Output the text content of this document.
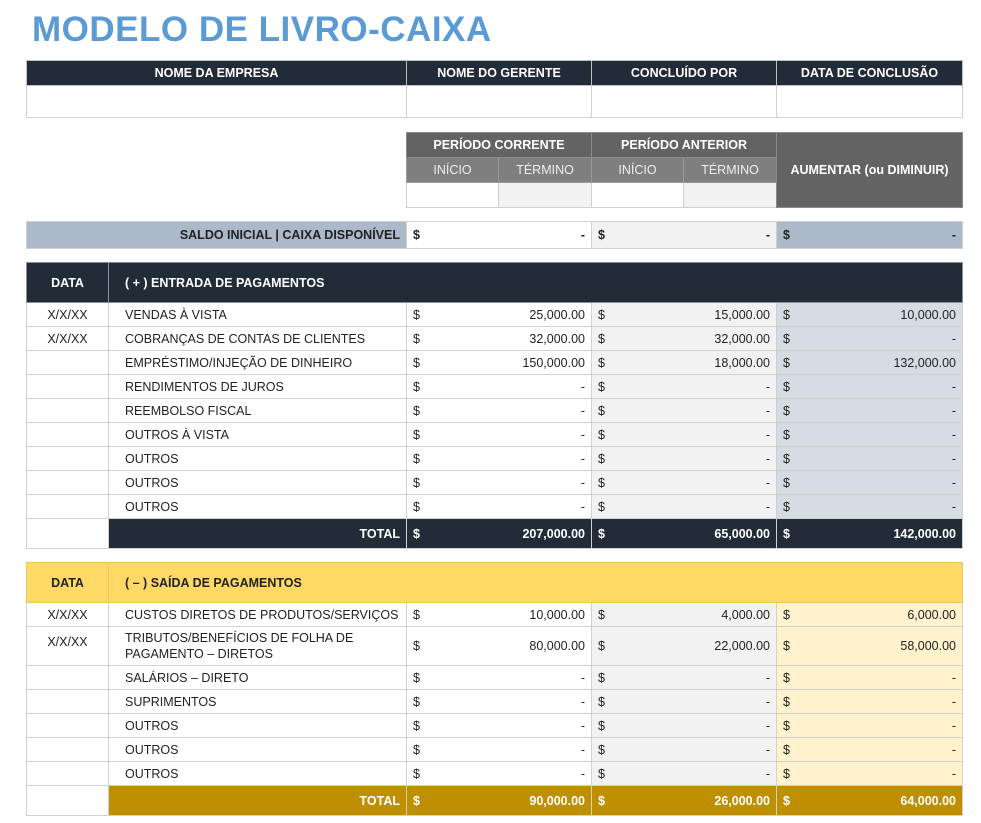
MODELO DE LIVRO-CAIXA
NOME DA EMPRESA	NOME DO GERENTE	CONCLUÍDO POR	DATA DE CONCLUSÃO

PERÍODO CORRENTE		PERÍODO ANTERIOR		AUMENTAR (ou DIMINUIR)
INÍCIO	TÉRMINO	INÍCIO	TÉRMINO	

SALDO INICIAL | CAIXA DISPONÍVEL	$	-	$	-	$	-
DATA	( + ) ENTRADA DE PAGAMENTOS			
X/X/XX	VENDAS À VISTA	$ 25,000.00	$ 15,000.00	$ 10,000.00

X/X/XX	COBRANÇAS DE CONTAS DE CLIENTES	$ 32,000.00	$ 32,000.00	$ -

	EMPRÉSTIMO/INJEÇÃO DE DINHEIRO	$ 150,000.00	$ 18,000.00	$ 132,000.00

	RENDIMENTOS DE JUROS	$ -	$ -	$ -

	REEMBOLSO FISCAL	$ -	$ -	$ -

	OUTROS À VISTA	$ -	$ -	$ -

	OUTROS	$ -	$ -	$ -

	OUTROS	$ -	$ -	$ -

	OUTROS	$ -	$ -	$ -

	TOTAL	$ 207,000.00	$ 65,000.00	$ 142,000.00
DATA	( – ) SAÍDA DE PAGAMENTOS			
X/X/XX	CUSTOS DIRETOS DE PRODUTOS/SERVIÇOS	$ 10,000.00	$ 4,000.00	$ 6,000.00

X/X/XX	TRIBUTOS/BENEFÍCIOS DE FOLHA DE
PAGAMENTO – DIRETOS	$ 80,000.00	$ 22,000.00	$ 58,000.00

	SALÁRIOS – DIRETO	$ -	$ -	$ -

	SUPRIMENTOS	$ -	$ -	$ -

	OUTROS	$ -	$ -	$ -

	OUTROS	$ -	$ -	$ -

	OUTROS	$ -	$ -	$ -

	TOTAL	$ 90,000.00	$ 26,000.00	$ 64,000.00
